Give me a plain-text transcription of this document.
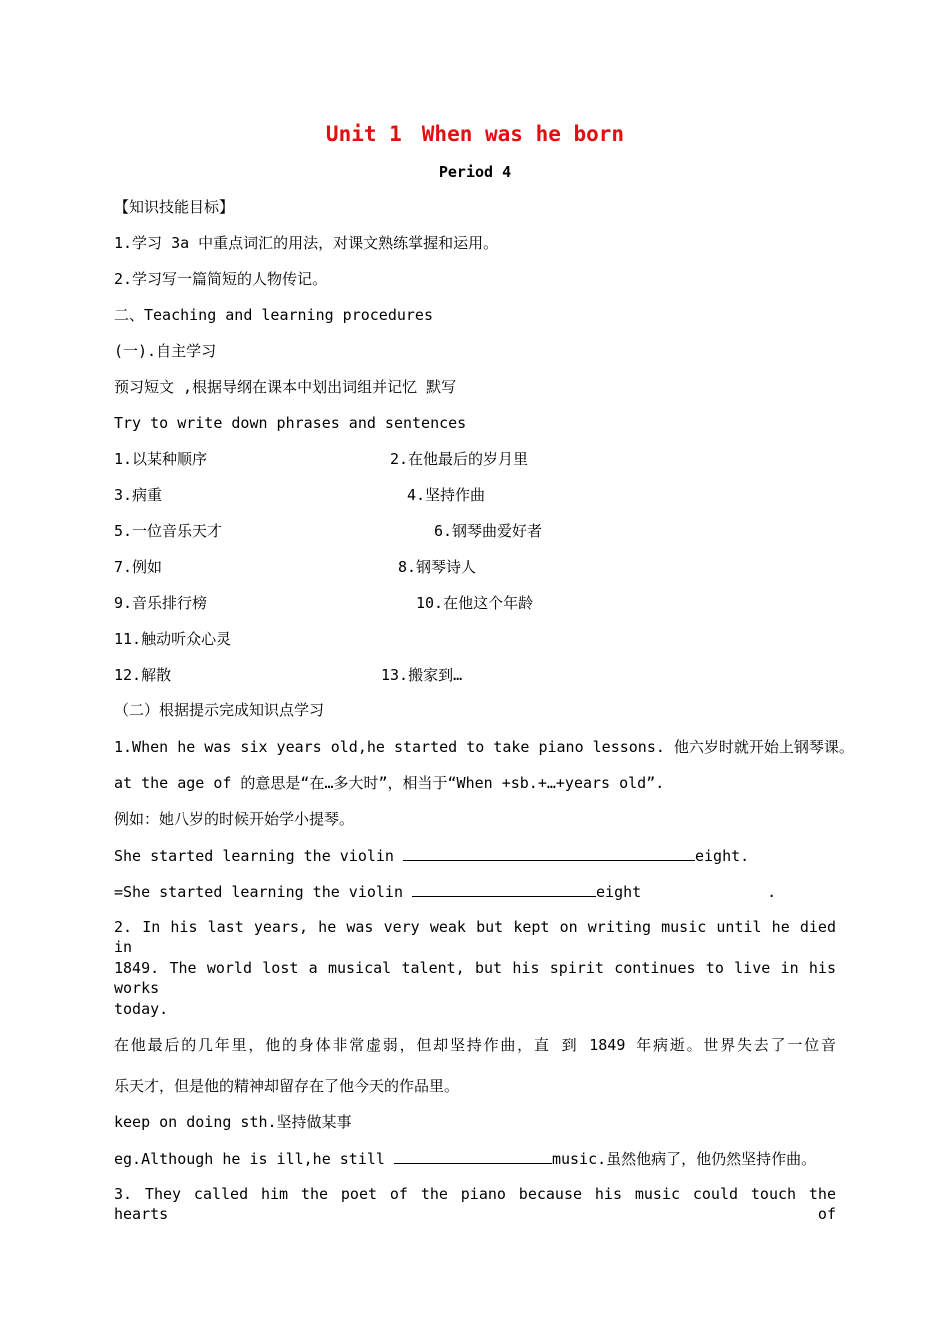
Unit 1 When was he born
Period 4
【知识技能目标】
1.学习 3a 中重点词汇的用法，对课文熟练掌握和运用。
2.学习写一篇简短的人物传记。
二、Teaching and learning procedures
(一).自主学习
预习短文 ,根据导纲在课本中划出词组并记忆 默写
Try to write down phrases and sentences
1.以某种顺序	2.在他最后的岁月里
3.病重	4.坚持作曲
5.一位音乐天才	6.钢琴曲爱好者
7.例如	8.钢琴诗人
9.音乐排行榜	10.在他这个年龄
11.触动听众心灵
12.解散	13.搬家到…
（二）根据提示完成知识点学习
1.When he was six years old,he started to take piano lessons. 他六岁时就开始上钢琴课。
at the age of 的意思是“在…多大时”，相当于“When +sb.+…+years old”.
例如：她八岁的时候开始学小提琴。
She started learning the violin	eight.
=She started learning the violin	eight	.
2. In his last years, he was very weak but kept on writing music until he died in
1849. The world lost a musical talent, but his spirit continues to live in his works
today.
在他最后的几年里，他的身体非常虚弱，但却坚持作曲，直 到 1849 年病逝。世界失去了一位音
乐天才，但是他的精神却留存在了他今天的作品里。
keep on doing sth.坚持做某事
eg.Although he is ill,he still	music.虽然他病了，他仍然坚持作曲。
3. They called him the poet of the piano because his music could touch the hearts of
